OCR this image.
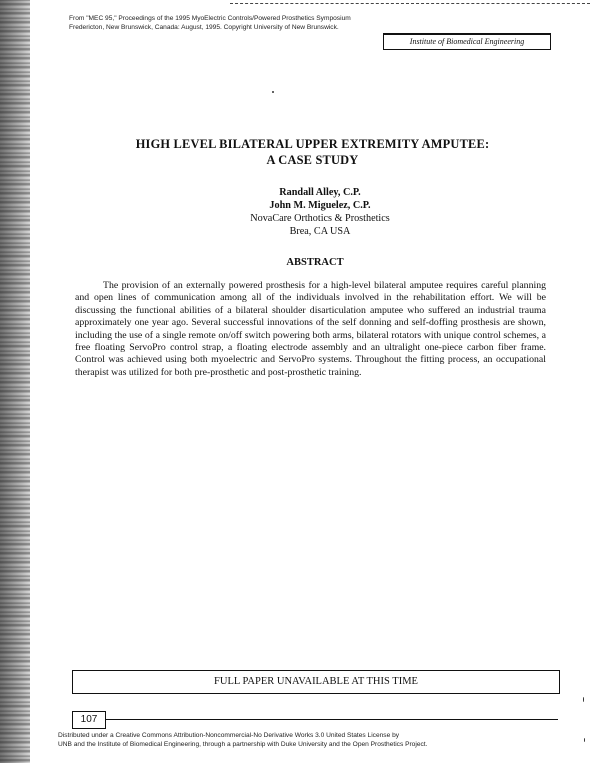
From "MEC 95," Proceedings of the 1995 MyoElectric Controls/Powered Prosthetics Symposium
Fredericton, New Brunswick, Canada: August, 1995. Copyright University of New Brunswick.
Institute of Biomedical Engineering
HIGH LEVEL BILATERAL UPPER EXTREMITY AMPUTEE:
A CASE STUDY
Randall Alley, C.P.
John M. Miguelez, C.P.
NovaCare Orthotics & Prosthetics
Brea, CA USA
ABSTRACT

The provision of an externally powered prosthesis for a high-level bilateral amputee requires careful planning and open lines of communication among all of the individuals involved in the rehabilitation effort. We will be discussing the functional abilities of a bilateral shoulder disarticulation amputee who suffered an industrial trauma approximately one year ago. Several successful innovations of the self donning and self-doffing prosthesis are shown, including the use of a single remote on/off switch powering both arms, bilateral rotators with unique control schemes, a free floating ServoPro control strap, a floating electrode assembly and an ultralight one-piece carbon fiber frame. Control was achieved using both myoelectric and ServoPro systems. Throughout the fitting process, an occupational therapist was utilized for both pre-prosthetic and post-prosthetic training.

FULL PAPER UNAVAILABLE AT THIS TIME
107
Distributed under a Creative Commons Attribution-Noncommercial-No Derivative Works 3.0 United States License by
UNB and the Institute of Biomedical Engineering, through a partnership with Duke University and the Open Prosthetics Project.
